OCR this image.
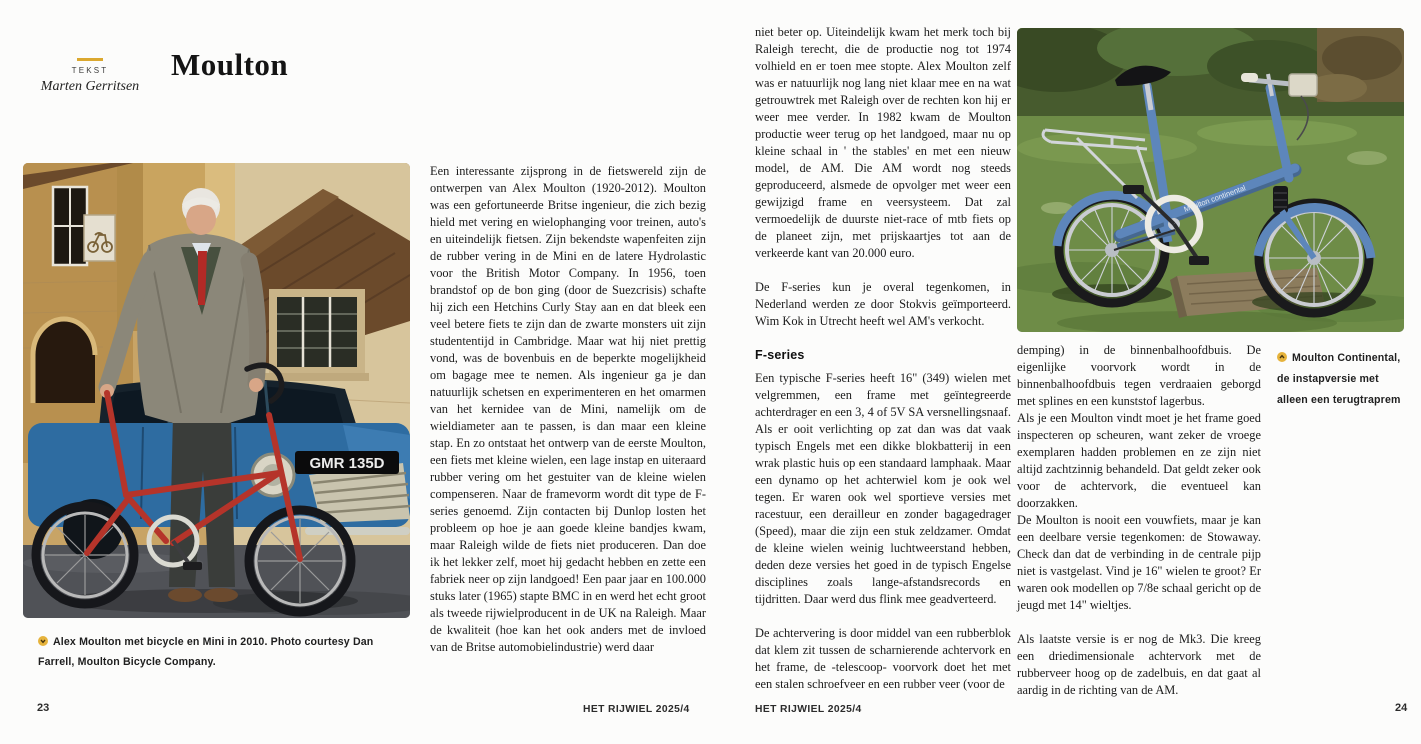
Moulton
TEKST
Marten Gerritsen
GMR 135D
Alex Moulton met bicycle en Mini in 2010. Photo courtesy Dan Farrell, Moulton Bicycle Company.

Een interessante zijsprong in de fietswereld zijn de ontwerpen van Alex Moulton (1920-2012). Moulton was een gefortuneerde Britse ingenieur, die zich bezig hield met vering en wielophanging voor treinen, auto's en uiteindelijk fietsen. Zijn bekendste wapenfeiten zijn de rubber vering in de Mini en de latere Hydrolastic voor the British Motor Company. In 1956, toen brandstof op de bon ging (door de Suezcrisis) schafte hij zich een Hetchins Curly Stay aan en dat bleek een veel betere fiets te zijn dan de zwarte monsters uit zijn studententijd in Cambridge. Maar wat hij niet prettig vond, was de bovenbuis en de beperkte mogelijkheid om bagage mee te nemen. Als ingenieur ga je dan natuurlijk schetsen en experimenteren en het omarmen van het kernidee van de Mini, namelijk om de wieldiameter aan te passen, is dan maar een kleine stap. En zo ontstaat het ontwerp van de eerste Moulton, een fiets met kleine wielen, een lage instap en uiteraard rubber vering om het gestuiter van de kleine wielen compenseren. Naar de framevorm wordt dit type de F-series genoemd. Zijn contacten bij Dunlop losten het probleem op hoe je aan goede kleine bandjes kwam, maar Raleigh wilde de fiets niet produceren. Dan doe ik het lekker zelf, moet hij gedacht hebben en zette een fabriek neer op zijn landgoed! Een paar jaar en 100.000 stuks later (1965) stapte BMC in en werd het echt groot als tweede rijwielproducent in de UK na Raleigh. Maar de kwaliteit (hoe kan het ook anders met de invloed van de Britse automobielindustrie) werd daar

HET RIJWIEL 2025/4
23

niet beter op. Uiteindelijk kwam het merk toch bij Raleigh terecht, die de productie nog tot 1974 volhield en er toen mee stopte. Alex Moulton zelf was er natuurlijk nog lang niet klaar mee en na wat getrouwtrek met Raleigh over de rechten kon hij er weer mee verder. In 1982 kwam de Moulton productie weer terug op het landgoed, maar nu op kleine schaal in ' the stables' en met een nieuw model, de AM. Die AM wordt nog steeds geproduceerd, alsmede de opvolger met weer een gewijzigd frame en veersysteem. Dat zal vermoedelijk de duurste niet-race of mtb fiets op de planeet zijn, met prijskaartjes tot aan de verkeerde kant van 20.000 euro.

De F-series kun je overal tegenkomen, in Nederland werden ze door Stokvis geïmporteerd. Wim Kok in Utrecht heeft wel AM's verkocht.

F-series

Een typische F-series heeft 16" (349) wielen met velgremmen, een frame met geïntegreerde achterdrager en een 3, 4 of 5V SA versnellingsnaaf. Als er ooit verlichting op zat dan was dat vaak typisch Engels met een dikke blokbatterij in een wrak plastic huis op een standaard lamphaak. Maar een dynamo op het achterwiel kom je ook wel tegen. Er waren ook wel sportieve versies met racestuur, een derailleur en zonder bagagedrager (Speed), maar die zijn een stuk zeldzamer. Omdat de kleine wielen weinig luchtweerstand hebben, deden deze versies het goed in de typisch Engelse disciplines zoals lange-afstandsrecords en tijdritten. Daar werd dus flink mee geadverteerd.

De achtervering is door middel van een rubberblok dat klem zit tussen de scharnierende achtervork en het frame, de -telescoop- voorvork doet het met een stalen schroefveer en een rubber veer (voor de

Moulton continental
Moulton Continental, de instapversie met alleen een terugtraprem

demping) in de binnenbalhoofdbuis. De eigenlijke voorvork wordt in de binnenbalhoofdbuis tegen verdraaien geborgd met splines en een kunststof lagerbus.

Als je een Moulton vindt moet je het frame goed inspecteren op scheuren, want zeker de vroege exemplaren hadden problemen en ze zijn niet altijd zachtzinnig behandeld. Dat geldt zeker ook voor de achtervork, die eventueel kan doorzakken.

De Moulton is nooit een vouwfiets, maar je kan een deelbare versie tegenkomen: de Stowaway. Check dan dat de verbinding in de centrale pijp niet is vastgelast. Vind je 16" wielen te groot? Er waren ook modellen op 7/8e schaal gericht op de jeugd met 14" wieltjes.

Als laatste versie is er nog de Mk3. Die kreeg een driedimensionale achtervork met de rubberveer hoog op de zadelbuis, en dat gaat al aardig in de richting van de AM.

HET RIJWIEL 2025/4	24
